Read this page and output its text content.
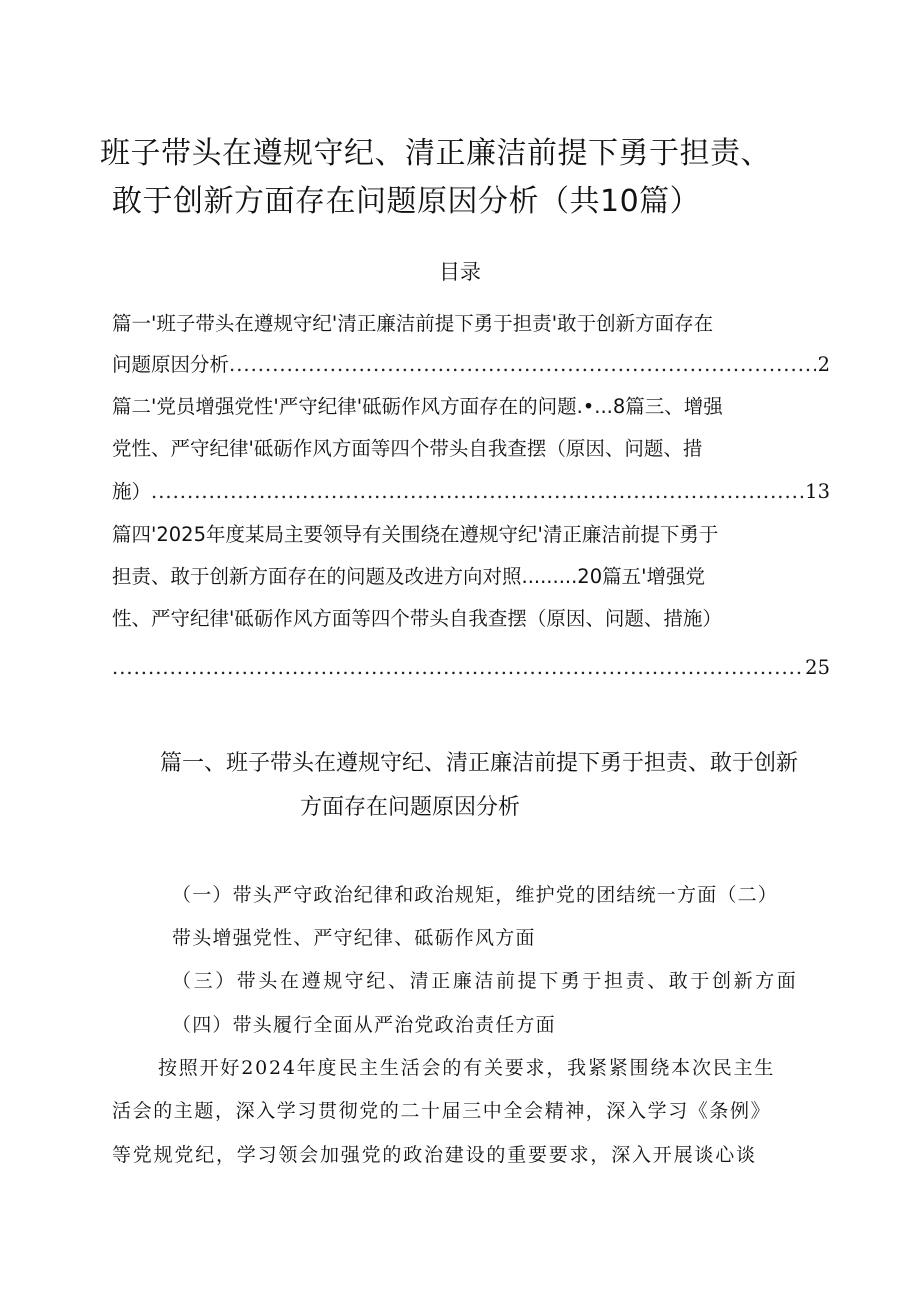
班子带头在遵规守纪、清正廉洁前提下勇于担责、
敢于创新方面存在问题原因分析（共10篇）
目录
篇一'班子带头在遵规守纪'清正廉洁前提下勇于担责'敢于创新方面存在
问题原因分析 .....	2
篇二'党员增强党性'严守纪律'砥砺作风方面存在的问题.•...8篇三、增强
党性、严守纪律'砥砺作风方面等四个带头自我查摆（原因、问题、措
施） .....	13
篇四'2025年度某局主要领导有关围绕在遵规守纪'清正廉洁前提下勇于
担责、敢于创新方面存在的问题及改进方向对照.........20篇五'增强党
性、严守纪律'砥砺作风方面等四个带头自我查摆（原因、问题、措施）
.....
25
篇一、班子带头在遵规守纪、清正廉洁前提下勇于担责、敢于创新
方面存在问题原因分析
（一）带头严守政治纪律和政治规矩，维护党的团结统一方面（二）
带头增强党性、严守纪律、砥砺作风方面
（三）带头在遵规守纪、清正廉洁前提下勇于担责、敢于创新方面
（四）带头履行全面从严治党政治责任方面
按照开好2024年度民主生活会的有关要求，我紧紧围绕本次民主生
活会的主题，深入学习贯彻党的二十届三中全会精神，深入学习《条例》
等党规党纪，学习领会加强党的政治建设的重要要求，深入开展谈心谈
